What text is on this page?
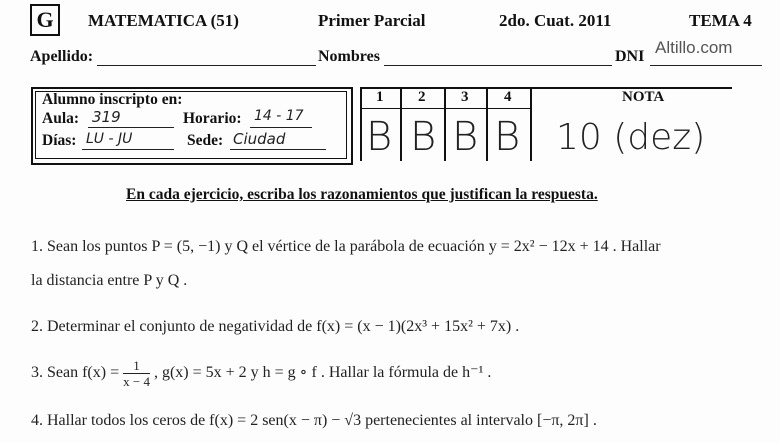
G	MATEMATICA (51)	Primer Parcial	2do. Cuat. 2011	TEMA 4
Apellido:	Nombres	DNI Altillo.com
Alumno inscripto en:
Aula: 319	Horario: 14 - 17
Días: LU - JU	Sede: Ciudad
1 2 3 4	NOTA
B B B B 10 (dez)
En cada ejercicio, escriba los razonamientos que justifican la respuesta.
1. Sean los puntos P = (5, −1) y Q el vértice de la parábola de ecuación y = 2x² − 12x + 14 . Hallar
la distancia entre P y Q .
2. Determinar el conjunto de negatividad de f(x) = (x − 1)(2x³ + 15x² + 7x) .
3. Sean $f(x) = \frac{1}{x - 4}$ , g(x) = 5x + 2 y h = g ∘ f . Hallar la fórmula de h⁻¹ .
4. Hallar todos los ceros de f(x) = 2 sen(x − π) − √3 pertenecientes al intervalo [−π, 2π] .
